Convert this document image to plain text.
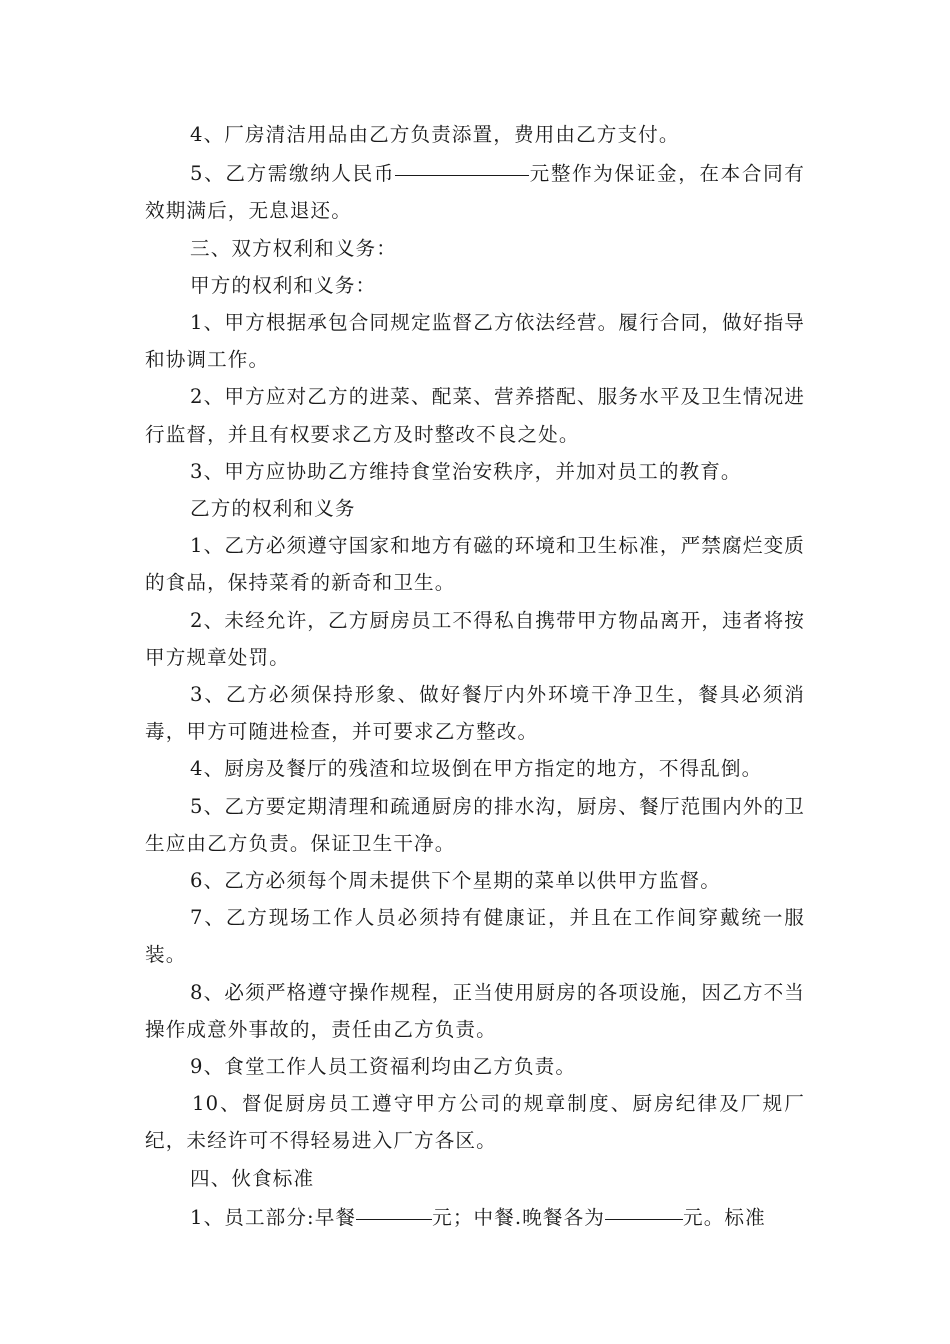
4、厂房清洁用品由乙方负责添置，费用由乙方支付。

5、乙方需缴纳人民币	元整作为保证金，在本合同有效期满后，无息退还。

三、双方权利和义务：

甲方的权利和义务：

1、甲方根据承包合同规定监督乙方依法经营。履行合同，做好指导和协调工作。

2、甲方应对乙方的进菜、配菜、营养搭配、服务水平及卫生情况进行监督，并且有权要求乙方及时整改不良之处。

3、甲方应协助乙方维持食堂治安秩序，并加对员工的教育。

乙方的权利和义务

1、乙方必须遵守国家和地方有磁的环境和卫生标准，严禁腐烂变质的食品，保持菜肴的新奇和卫生。

2、未经允许，乙方厨房员工不得私自携带甲方物品离开，违者将按甲方规章处罚。

3、乙方必须保持形象、做好餐厅内外环境干净卫生，餐具必须消毒，甲方可随进检查，并可要求乙方整改。

4、厨房及餐厅的残渣和垃圾倒在甲方指定的地方，不得乱倒。

5、乙方要定期清理和疏通厨房的排水沟，厨房、餐厅范围内外的卫生应由乙方负责。保证卫生干净。

6、乙方必须每个周未提供下个星期的菜单以供甲方监督。

7、乙方现场工作人员必须持有健康证，并且在工作间穿戴统一服装。

8、必须严格遵守操作规程，正当使用厨房的各项设施，因乙方不当操作成意外事故的，责任由乙方负责。

9、食堂工作人员工资福利均由乙方负责。

10、督促厨房员工遵守甲方公司的规章制度、厨房纪律及厂规厂纪，未经许可不得轻易进入厂方各区。

四、伙食标准

1、员工部分:早餐	元；中餐.晚餐各为	元。标准
